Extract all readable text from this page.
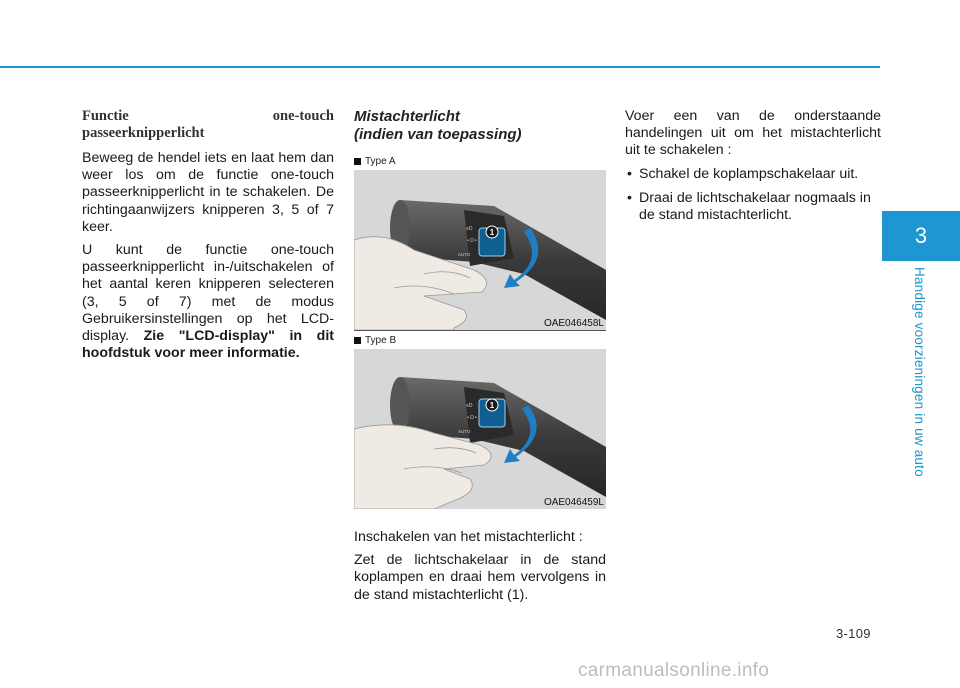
3
Handige voorzieningen in uw auto
Functie	one-touch
passeerknipperlicht

Beweeg de hendel iets en laat hem dan weer los om de functie one-touch passeerknipperlicht in te schakelen. De richtingaanwijzers knipperen 3, 5 of 7 keer.

U kunt de functie one-touch passeerknipperlicht in-/uitschakelen of het aantal keren knipperen selecteren (3, 5 of 7) met de modus Gebruikersinstellingen op het LCD-display. Zie "LCD-display" in dit hoofdstuk voor meer informatie.

Mistachterlicht
(indien van toepassing)
Type A
≡D
⚬D⚬
AUTO
1
OAE046458L
Type B
≡D
⚬D⚬
AUTO
1
OAE046459L

Inschakelen van het mistachterlicht :

Zet de lichtschakelaar in de stand koplampen en draai hem vervolgens in de stand mistachterlicht (1).

Voer een van de onderstaande handelingen uit om het mistachterlicht uit te schakelen :

• Schakel de koplampschakelaar uit.
• Draai de lichtschakelaar nogmaals in de stand mistachterlicht.
3-109
carmanualsonline.info
